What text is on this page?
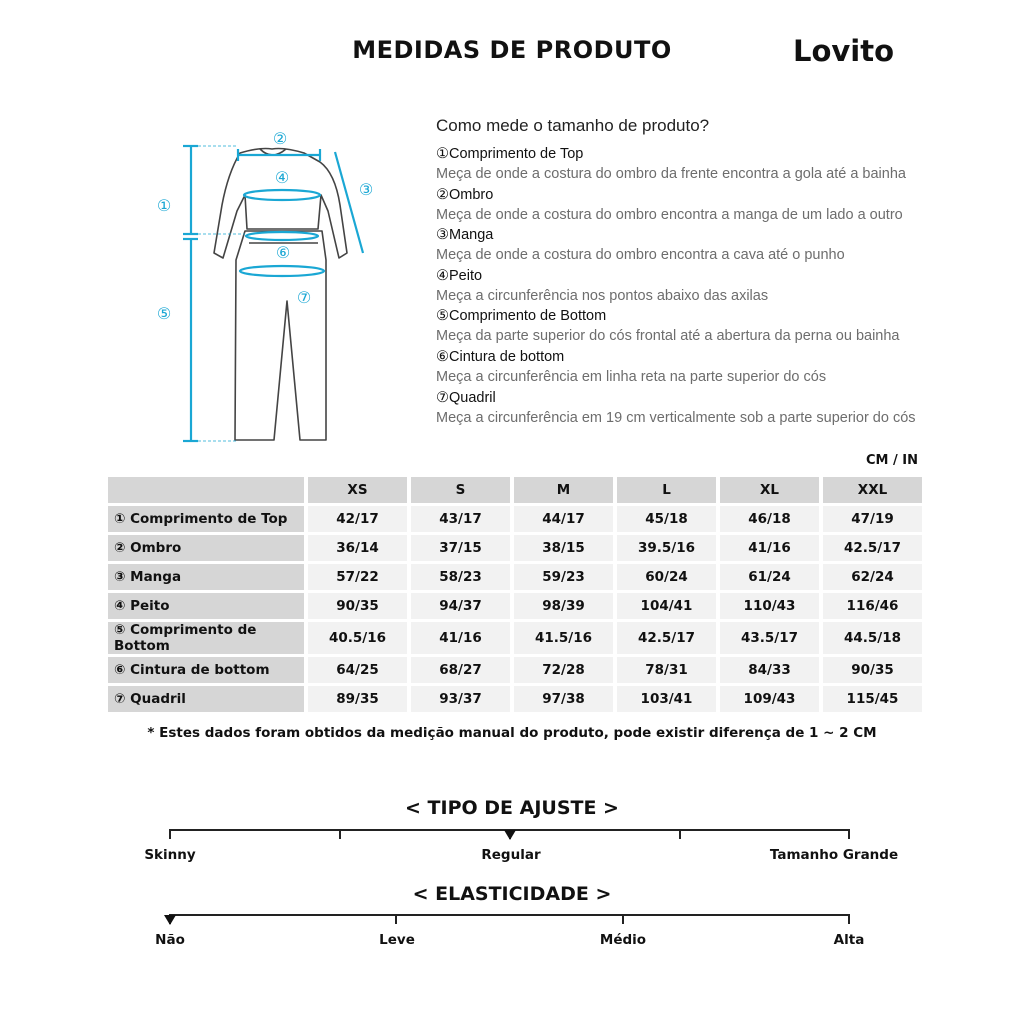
MEDIDAS DE PRODUTO	Lovito
①
②
③
④
⑤
⑥
⑦
Como mede o tamanho de produto?
①Comprimento de Top
Meça de onde a costura do ombro da frente encontra a gola até a bainha
②Ombro
Meça de onde a costura do ombro encontra a manga de um lado a outro
③Manga
Meça de onde a costura do ombro encontra a cava até o punho
④Peito
Meça a circunferência nos pontos abaixo das axilas
⑤Comprimento de Bottom
Meça da parte superior do cós frontal até a abertura da perna ou bainha
⑥Cintura de bottom
Meça a circunferência em linha reta na parte superior do cós
⑦Quadril
Meça a circunferência em 19 cm verticalmente sob a parte superior do cós
CM / IN
	XS	S	M	L	XL	XXL
① Comprimento de Top	42/17	43/17	44/17	45/18	46/18	47/19
② Ombro	36/14	37/15	38/15	39.5/16	41/16	42.5/17
③ Manga	57/22	58/23	59/23	60/24	61/24	62/24
④ Peito	90/35	94/37	98/39	104/41	110/43	116/46
⑤ Comprimento de Bottom	40.5/16	41/16	41.5/16	42.5/17	43.5/17	44.5/18
⑥ Cintura de bottom	64/25	68/27	72/28	78/31	84/33	90/35
⑦ Quadril	89/35	93/37	97/38	103/41	109/43	115/45
* Estes dados foram obtidos da medição manual do produto, pode existir diferença de 1 ~ 2 CM
< TIPO DE AJUSTE >
Skinny	Regular	Tamanho Grande
< ELASTICIDADE >
Não	Leve	Médio	Alta
